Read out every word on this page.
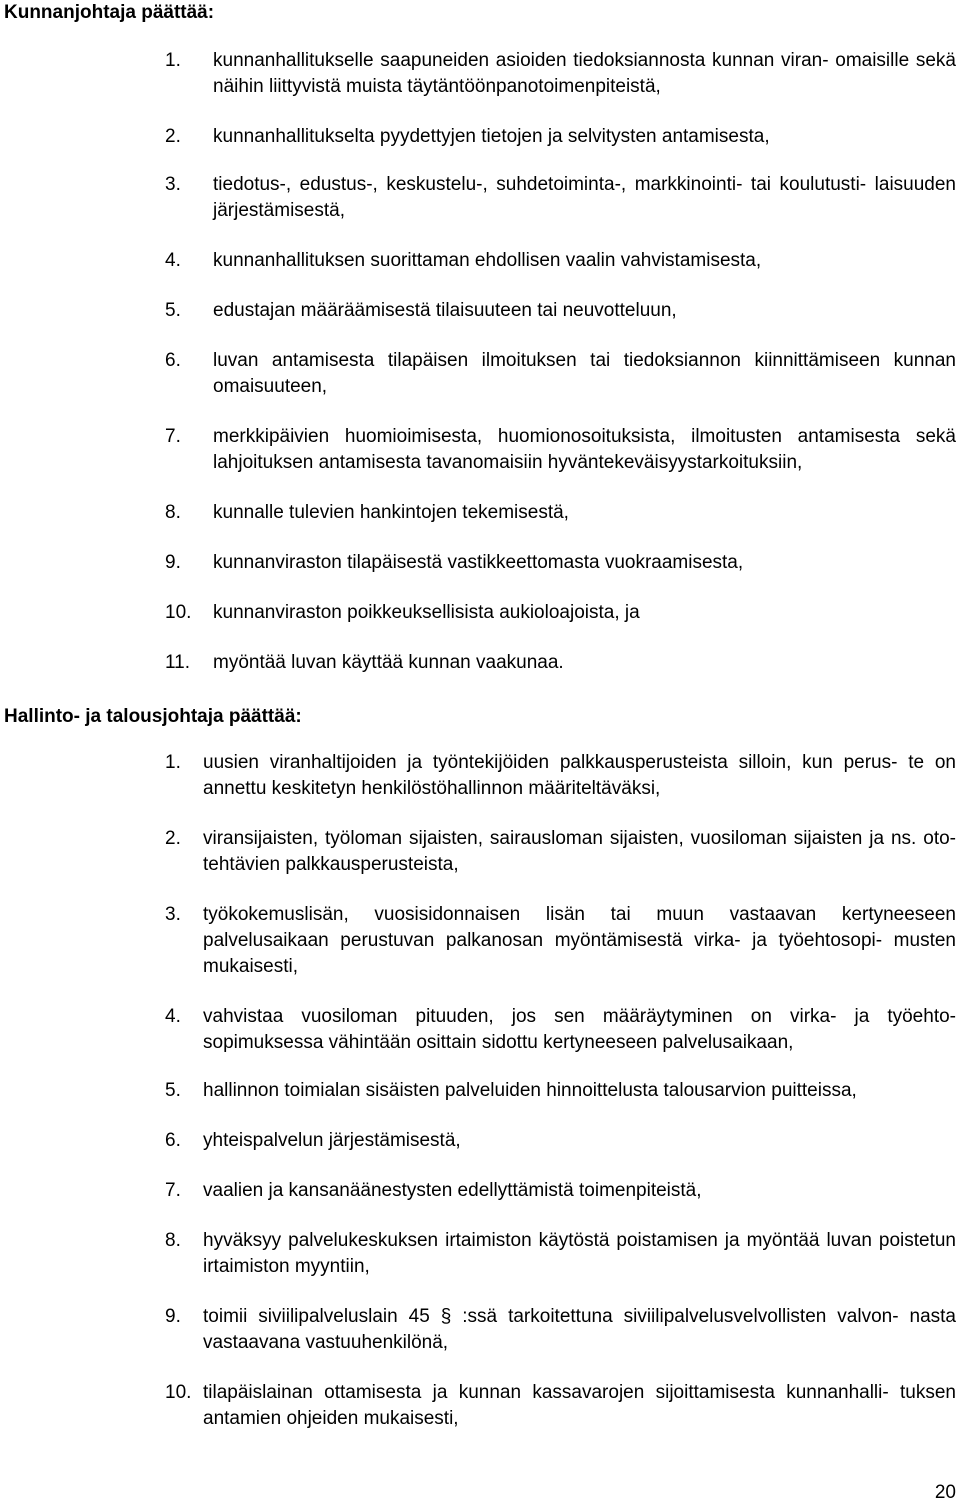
Kunnanjohtaja päättää:
1. kunnanhallitukselle saapuneiden asioiden tiedoksiannosta kunnan viran- omaisille sekä näihin liittyvistä muista täytäntöönpanotoimenpiteistä,
2. kunnanhallitukselta pyydettyjen tietojen ja selvitysten antamisesta,
3. tiedotus-, edustus-, keskustelu-, suhdetoiminta-, markkinointi- tai koulutusti- laisuuden järjestämisestä,
4. kunnanhallituksen suorittaman ehdollisen vaalin vahvistamisesta,
5. edustajan määräämisestä tilaisuuteen tai neuvotteluun,
6. luvan antamisesta tilapäisen ilmoituksen tai tiedoksiannon kiinnittämiseen kunnan omaisuuteen,
7. merkkipäivien huomioimisesta, huomionosoituksista, ilmoitusten antamisesta sekä lahjoituksen antamisesta tavanomaisiin hyväntekeväisyystarkoituksiin,
8. kunnalle tulevien hankintojen tekemisestä,
9. kunnanviraston tilapäisestä vastikkeettomasta vuokraamisesta,
10. kunnanviraston poikkeuksellisista aukioloajoista, ja
11. myöntää luvan käyttää kunnan vaakunaa.
Hallinto- ja talousjohtaja päättää:
1. uusien viranhaltijoiden ja työntekijöiden palkkausperusteista silloin, kun perus- te on annettu keskitetyn henkilöstöhallinnon määriteltäväksi,
2. viransijaisten, työloman sijaisten, sairausloman sijaisten, vuosiloman sijaisten ja ns. oto-tehtävien palkkausperusteista,
3. työkokemuslisän, vuosisidonnaisen lisän tai muun vastaavan kertyneeseen palvelusaikaan perustuvan palkanosan myöntämisestä virka- ja työehtosopi- musten mukaisesti,
4. vahvistaa vuosiloman pituuden, jos sen määräytyminen on virka- ja työehto- sopimuksessa vähintään osittain sidottu kertyneeseen palvelusaikaan,
5. hallinnon toimialan sisäisten palveluiden hinnoittelusta talousarvion puitteissa,
6. yhteispalvelun järjestämisestä,
7. vaalien ja kansanäänestysten edellyttämistä toimenpiteistä,
8. hyväksyy palvelukeskuksen irtaimiston käytöstä poistamisen ja myöntää luvan poistetun irtaimiston myyntiin,
9. toimii siviilipalveluslain 45 § :ssä tarkoitettuna siviilipalvelusvelvollisten valvon- nasta vastaavana vastuuhenkilönä,
10. tilapäislainan ottamisesta ja kunnan kassavarojen sijoittamisesta kunnanhalli- tuksen antamien ohjeiden mukaisesti,
20
